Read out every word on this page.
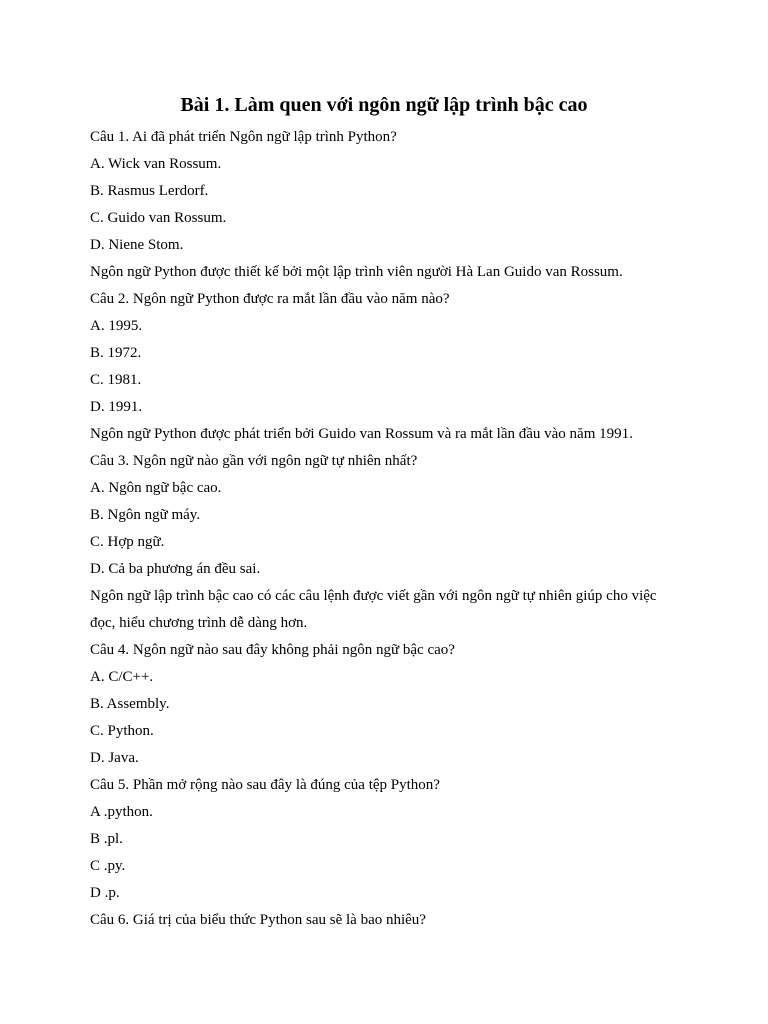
Bài 1. Làm quen với ngôn ngữ lập trình bậc cao

Câu 1. Ai đã phát triển Ngôn ngữ lập trình Python?

A. Wick van Rossum.

B. Rasmus Lerdorf.

C. Guido van Rossum.

D. Niene Stom.

Ngôn ngữ Python được thiết kế bởi một lập trình viên người Hà Lan Guido van Rossum.

Câu 2. Ngôn ngữ Python được ra mắt lần đầu vào năm nào?

A. 1995.

B. 1972.

C. 1981.

D. 1991.

Ngôn ngữ Python được phát triển bởi Guido van Rossum và ra mắt lần đầu vào năm 1991.

Câu 3. Ngôn ngữ nào gần với ngôn ngữ tự nhiên nhất?

A. Ngôn ngữ bậc cao.

B. Ngôn ngữ máy.

C. Hợp ngữ.

D. Cả ba phương án đều sai.

Ngôn ngữ lập trình bậc cao có các câu lệnh được viết gần với ngôn ngữ tự nhiên giúp cho việc

đọc, hiểu chương trình dễ dàng hơn.

Câu 4. Ngôn ngữ nào sau đây không phải ngôn ngữ bậc cao?

A. C/C++.

B. Assembly.

C. Python.

D. Java.

Câu 5. Phần mở rộng nào sau đây là đúng của tệp Python?

A .python.

B .pl.

C .py.

D .p.

Câu 6. Giá trị của biểu thức Python sau sẽ là bao nhiêu?
